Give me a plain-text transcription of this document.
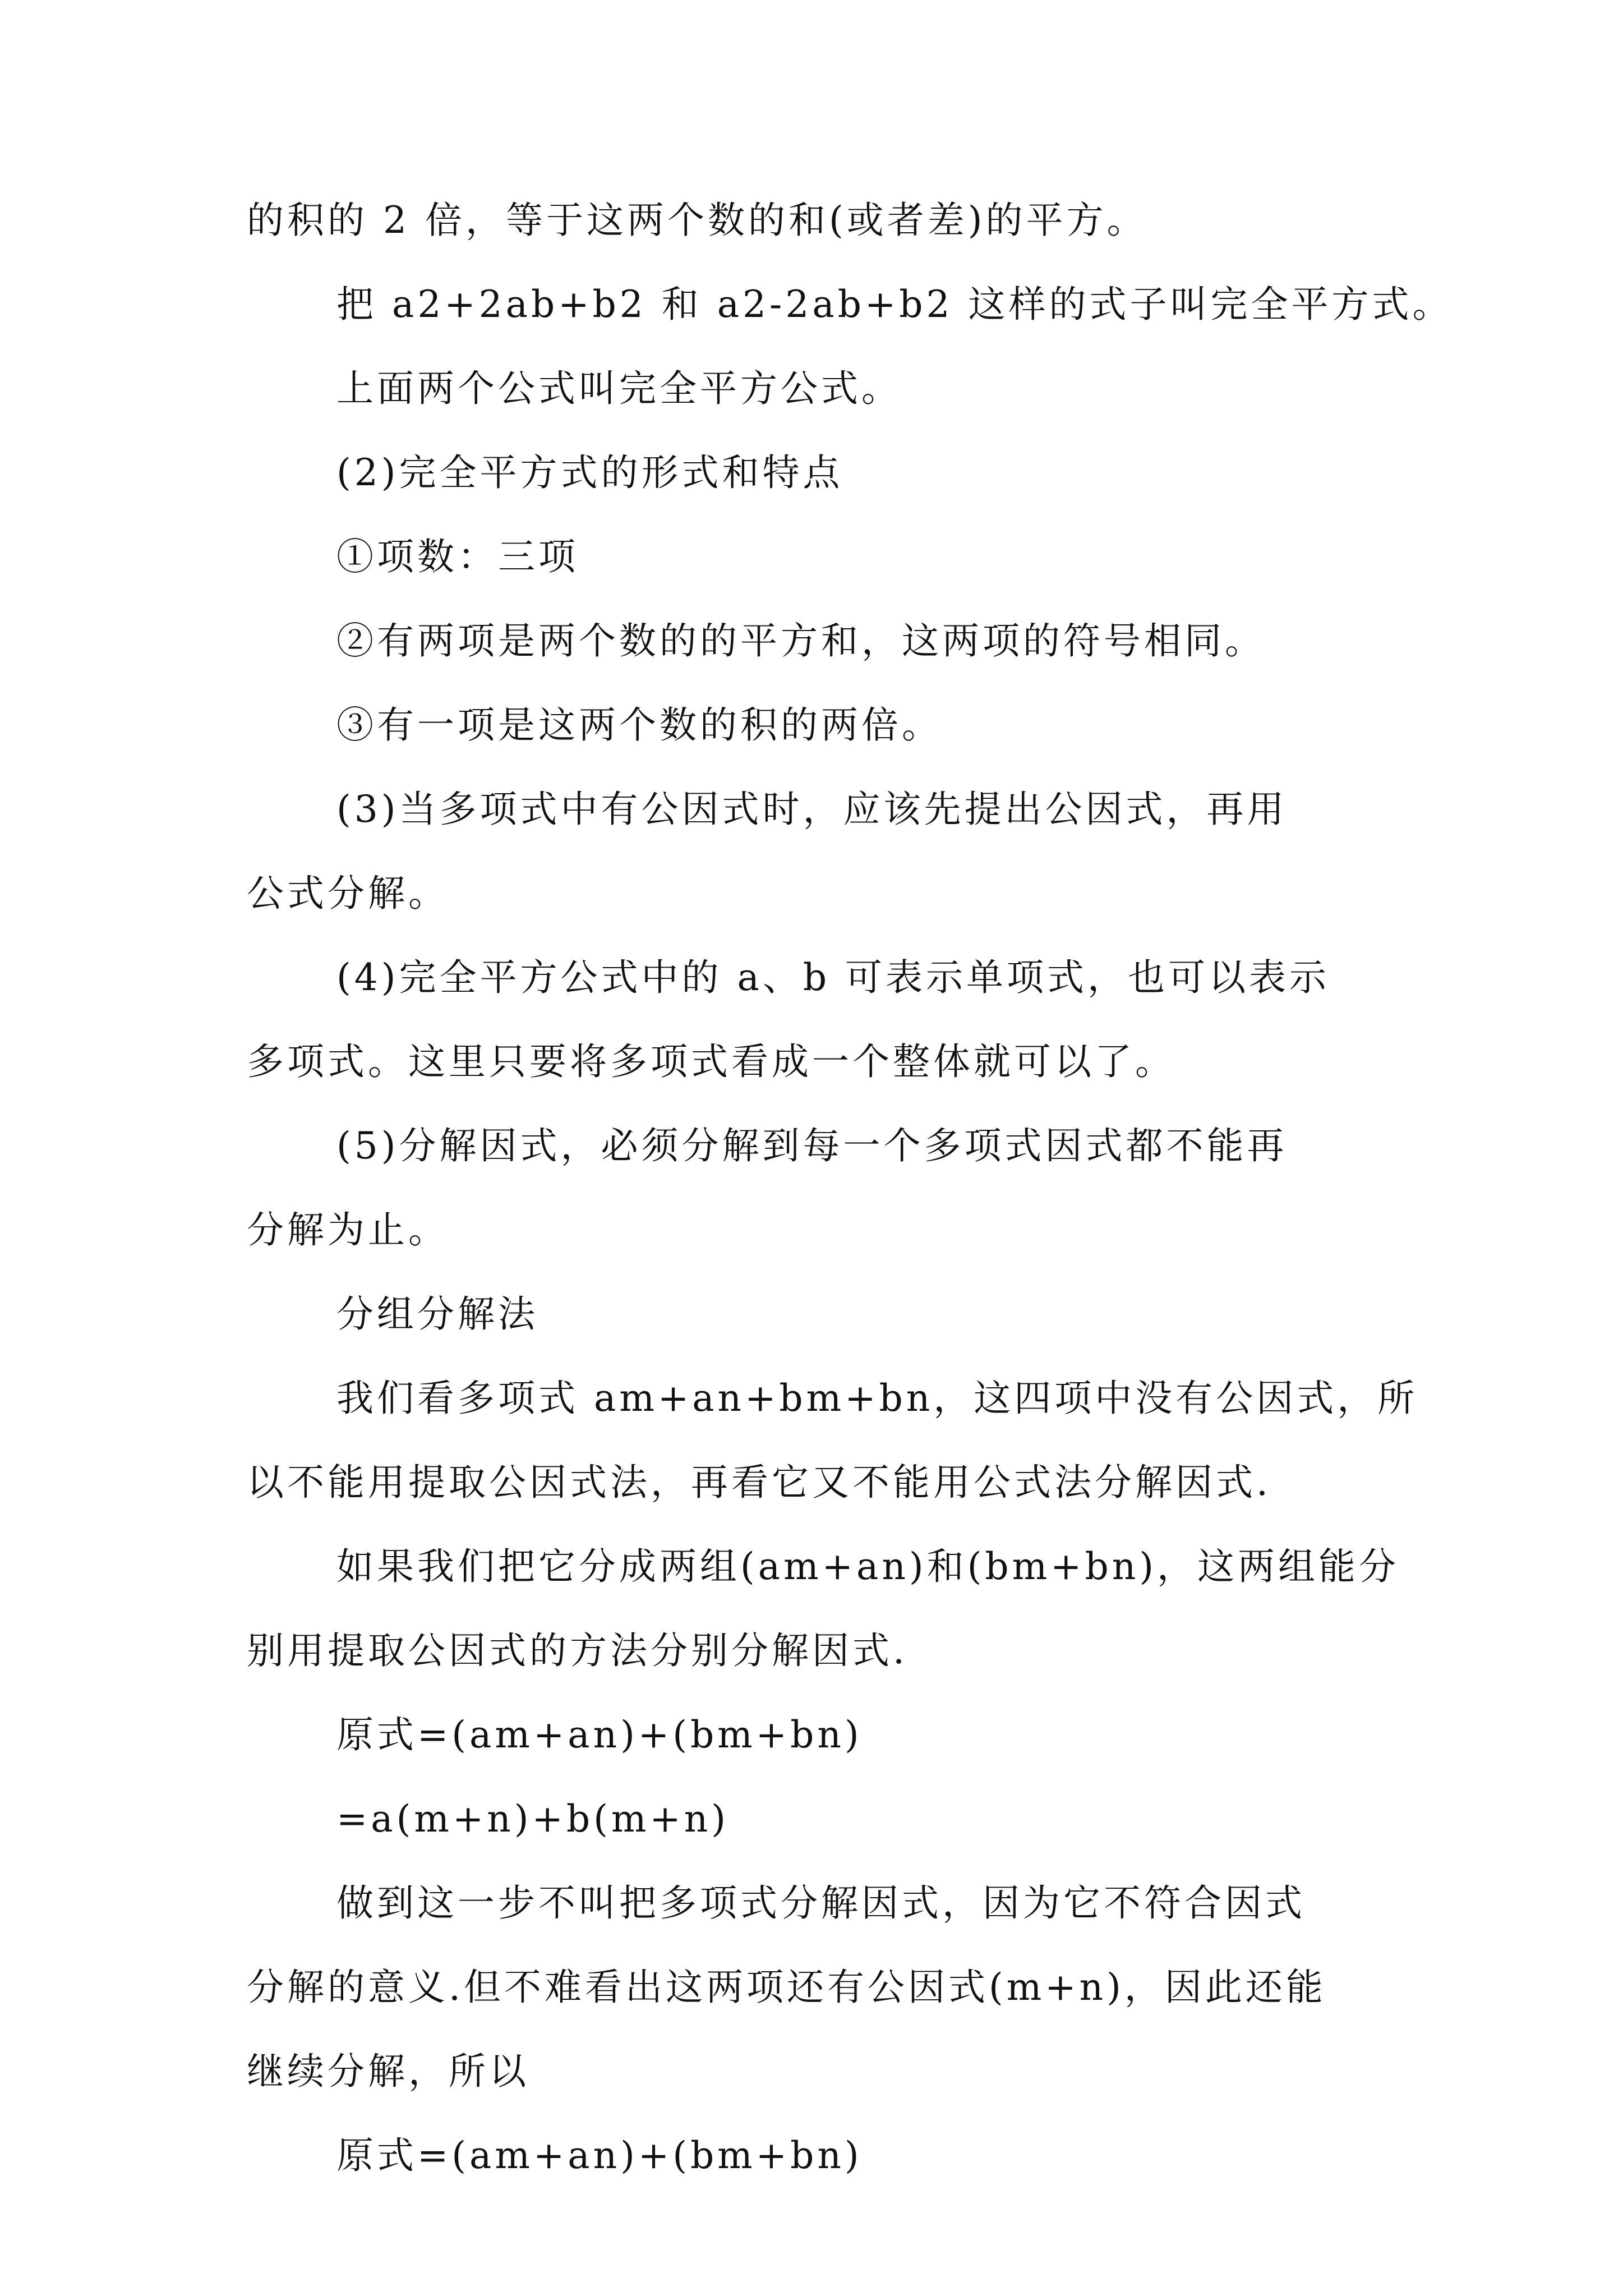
的积的 2 倍，等于这两个数的和(或者差)的平方。
把 a2+2ab+b2 和 a2-2ab+b2 这样的式子叫完全平方式。
上面两个公式叫完全平方公式。
(2)完全平方式的形式和特点
①项数：三项
②有两项是两个数的的平方和，这两项的符号相同。
③有一项是这两个数的积的两倍。
(3)当多项式中有公因式时，应该先提出公因式，再用
公式分解。
(4)完全平方公式中的 a、b 可表示单项式，也可以表示
多项式。这里只要将多项式看成一个整体就可以了。
(5)分解因式，必须分解到每一个多项式因式都不能再
分解为止。
分组分解法
我们看多项式 am+an+bm+bn，这四项中没有公因式，所
以不能用提取公因式法，再看它又不能用公式法分解因式.
如果我们把它分成两组(am+an)和(bm+bn)，这两组能分
别用提取公因式的方法分别分解因式.
原式=(am+an)+(bm+bn)
=a(m+n)+b(m+n)
做到这一步不叫把多项式分解因式，因为它不符合因式
分解的意义.但不难看出这两项还有公因式(m+n)，因此还能
继续分解，所以
原式=(am+an)+(bm+bn)
